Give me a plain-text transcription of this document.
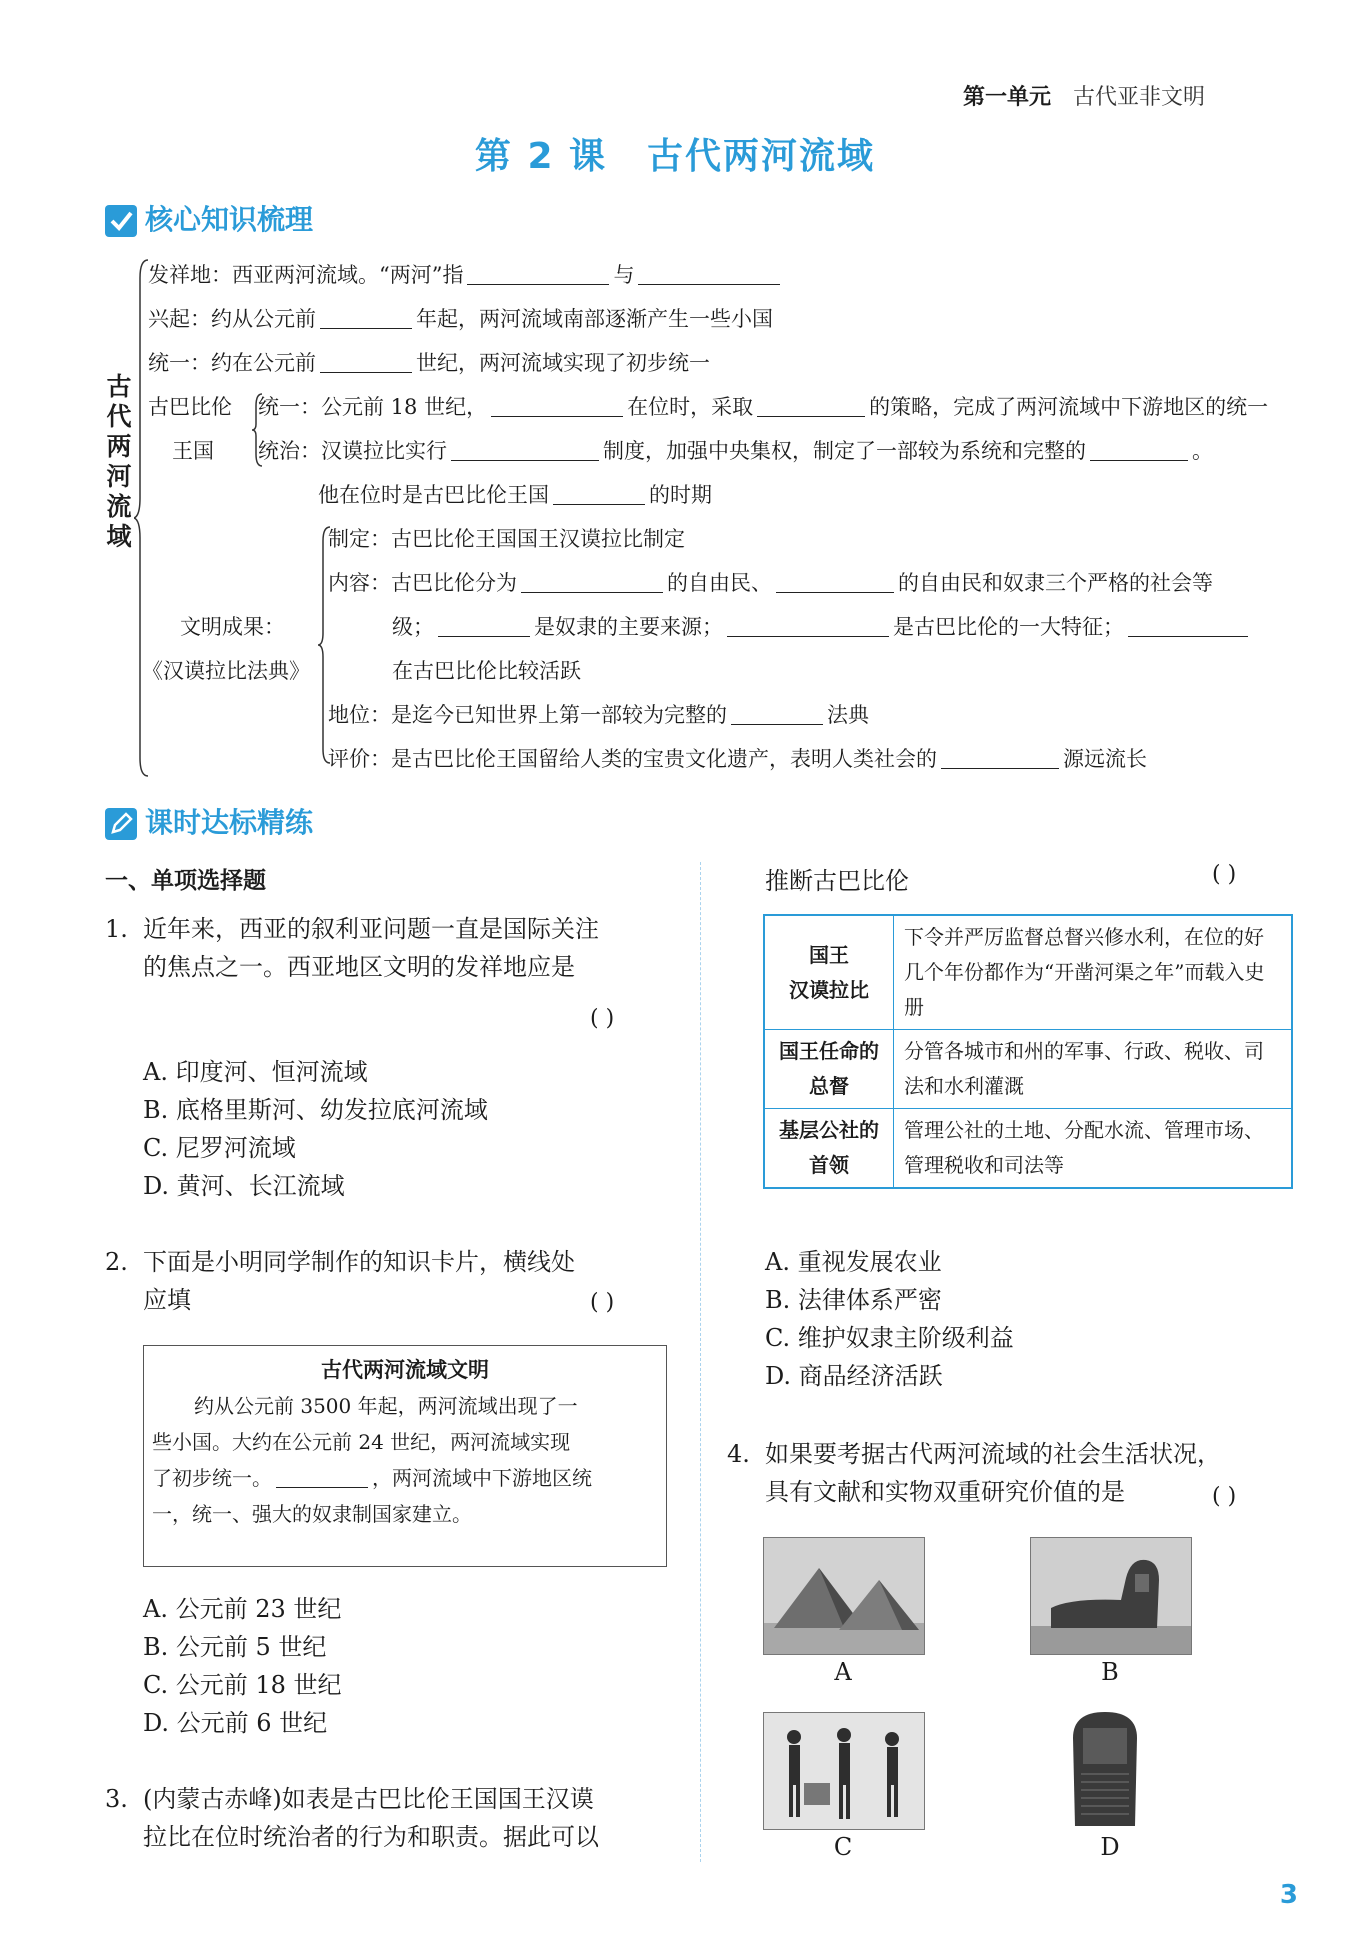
第一单元 古代亚非文明
第 2 课 古代两河流域
核心知识梳理
古
代
两
河
流
域
发祥地：西亚两河流域。“两河”指	与
兴起：约从公元前	年起，两河流域南部逐渐产生一些小国
统一：约在公元前	世纪，两河流域实现了初步统一
古巴比伦
王国
统一：公元前 18 世纪，	在位时，采取	的策略，完成了两河流域中下游地区的统一
统治：汉谟拉比实行	制度，加强中央集权，制定了一部较为系统和完整的	。
他在位时是古巴比伦王国	的时期
文明成果：
《汉谟拉比法典》
制定：古巴比伦王国国王汉谟拉比制定
内容：古巴比伦分为	的自由民、	的自由民和奴隶三个严格的社会等
级；	是奴隶的主要来源；	是古巴比伦的一大特征；
在古巴比伦比较活跃
地位：是迄今已知世界上第一部较为完整的	法典
评价：是古巴比伦王国留给人类的宝贵文化遗产，表明人类社会的	源远流长
课时达标精练
一、单项选择题
1. 近年来，西亚的叙利亚问题一直是国际关注
的焦点之一。西亚地区文明的发祥地应是
( )
A. 印度河、恒河流域
B. 底格里斯河、幼发拉底河流域
C. 尼罗河流域
D. 黄河、长江流域
2. 下面是小明同学制作的知识卡片，横线处
应填	( )
古代两河流域文明
约从公元前 3500 年起，两河流域出现了一
些小国。大约在公元前 24 世纪，两河流域实现
了初步统一。	，两河流域中下游地区统
一，统一、强大的奴隶制国家建立。
A. 公元前 23 世纪
B. 公元前 5 世纪
C. 公元前 18 世纪
D. 公元前 6 世纪
3. (内蒙古赤峰)如表是古巴比伦王国国王汉谟
拉比在位时统治者的行为和职责。据此可以
推断古巴比伦	( )
国王
汉谟拉比	下令并严厉监督总督兴修水利，在位的好几个年份都作为“开凿河渠之年”而载入史册

国王任命的
总督	分管各城市和州的军事、行政、税收、司法和水利灌溉

基层公社的
首领	管理公社的土地、分配水流、管理市场、管理税收和司法等
A. 重视发展农业
B. 法律体系严密
C. 维护奴隶主阶级利益
D. 商品经济活跃
4. 如果要考据古代两河流域的社会生活状况，
具有文献和实物双重研究价值的是	( )
A	B
C	D
3
